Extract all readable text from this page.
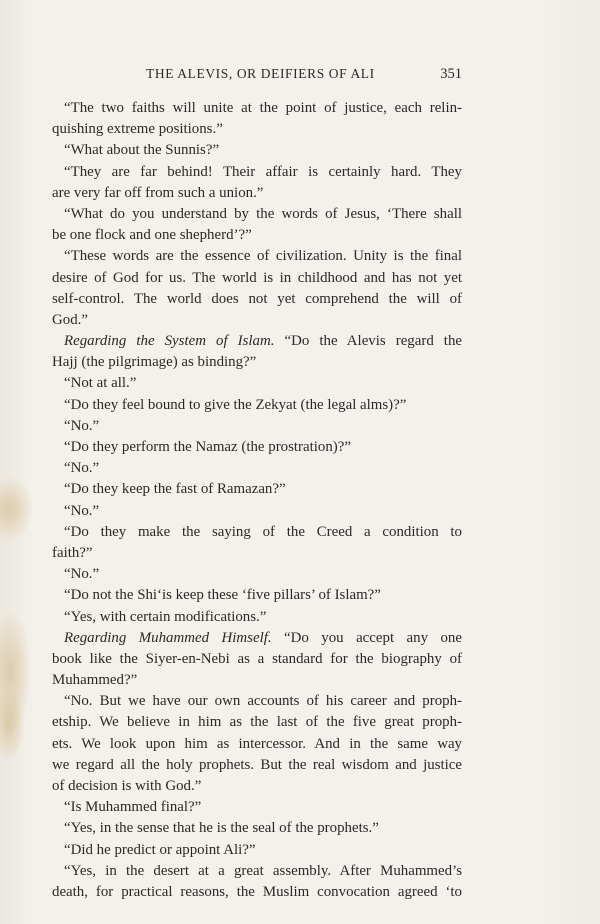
THE ALEVIS, OR DEIFIERS OF ALI	351
“The two faiths will unite at the point of justice, each relin-
quishing extreme positions.”
“What about the Sunnis?”
“They are far behind! Their affair is certainly hard. They
are very far off from such a union.”
“What do you understand by the words of Jesus, ‘There shall
be one flock and one shepherd’?”
“These words are the essence of civilization. Unity is the final
desire of God for us. The world is in childhood and has not yet
self-control. The world does not yet comprehend the will of
God.”
Regarding the System of Islam. “Do the Alevis regard the
Hajj (the pilgrimage) as binding?”
“Not at all.”
“Do they feel bound to give the Zekyat (the legal alms)?”
“No.”
“Do they perform the Namaz (the prostration)?”
“No.”
“Do they keep the fast of Ramazan?”
“No.”
“Do they make the saying of the Creed a condition to
faith?”
“No.”
“Do not the Shi‘is keep these ‘five pillars’ of Islam?”
“Yes, with certain modifications.”
Regarding Muhammed Himself. “Do you accept any one
book like the Siyer-en-Nebi as a standard for the biography of
Muhammed?”
“No. But we have our own accounts of his career and proph-
etship. We believe in him as the last of the five great proph-
ets. We look upon him as intercessor. And in the same way
we regard all the holy prophets. But the real wisdom and justice
of decision is with God.”
“Is Muhammed final?”
“Yes, in the sense that he is the seal of the prophets.”
“Did he predict or appoint Ali?”
“Yes, in the desert at a great assembly. After Muhammed’s
death, for practical reasons, the Muslim convocation agreed ‘to
